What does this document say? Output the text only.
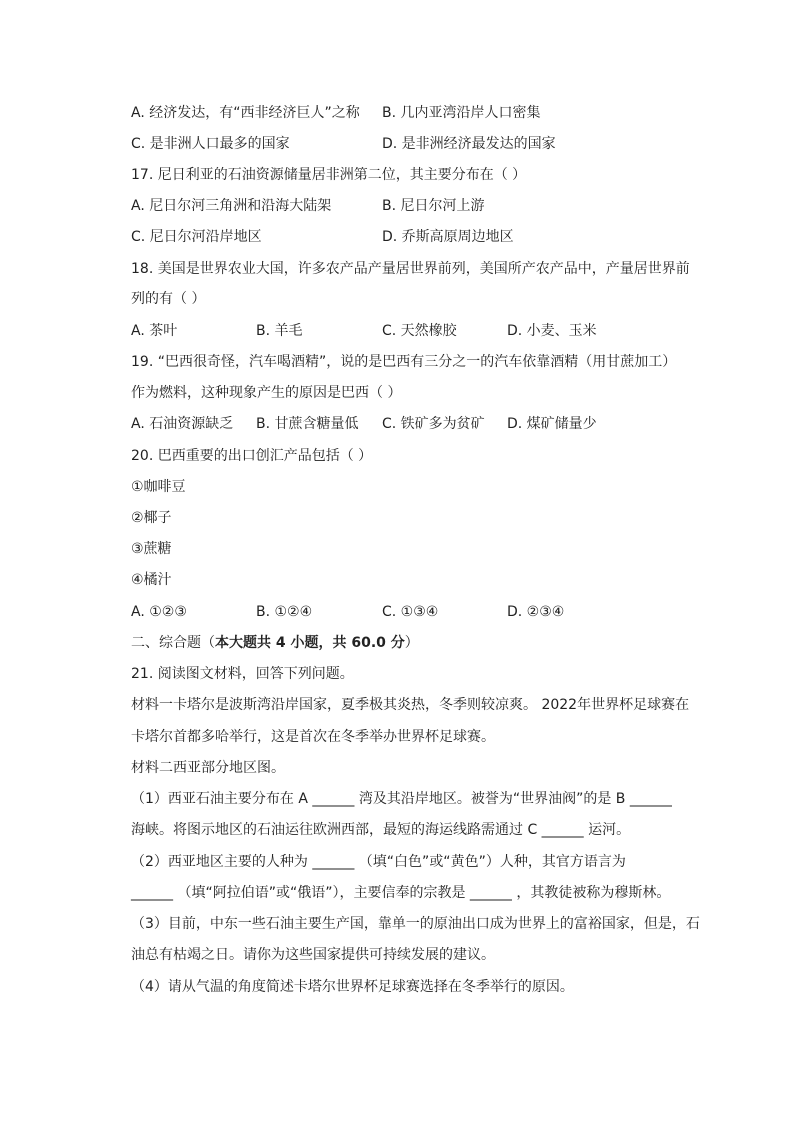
A. 经济发达，有“西非经济巨人”之称 B. 几内亚湾沿岸人口密集
C. 是非洲人口最多的国家	D. 是非洲经济最发达的国家
17. 尼日利亚的石油资源储量居非洲第二位，其主要分布在（ ）
A. 尼日尔河三角洲和沿海大陆架	B. 尼日尔河上游
C. 尼日尔河沿岸地区	D. 乔斯高原周边地区
18. 美国是世界农业大国，许多农产品产量居世界前列，美国所产农产品中，产量居世界前
列的有（ ）
A. 茶叶	B. 羊毛	C. 天然橡胶	D. 小麦、玉米
19. “巴西很奇怪，汽车喝酒精”，说的是巴西有三分之一的汽车依靠酒精（用甘蔗加工）
作为燃料，这种现象产生的原因是巴西（ ）
A. 石油资源缺乏 B. 甘蔗含糖量低 C. 铁矿多为贫矿 D. 煤矿储量少
20. 巴西重要的出口创汇产品包括（ ）
①咖啡豆
②椰子
③蔗糖
④橘汁
A. ①②③	B. ①②④	C. ①③④	D. ②③④
二、综合题（本大题共 4 小题，共 60.0 分）
21. 阅读图文材料，回答下列问题。
材料一卡塔尔是波斯湾沿岸国家，夏季极其炎热，冬季则较凉爽。 2022年世界杯足球赛在
卡塔尔首都多哈举行，这是首次在冬季举办世界杯足球赛。
材料二西亚部分地区图。
（1）西亚石油主要分布在 A ______ 湾及其沿岸地区。被誉为“世界油阀”的是 B ______
海峡。将图示地区的石油运往欧洲西部，最短的海运线路需通过 C ______ 运河。
（2）西亚地区主要的人种为 ______ （填“白色”或“黄色”）人种，其官方语言为
______ （填“阿拉伯语”或“俄语”），主要信奉的宗教是 ______ ，其教徒被称为穆斯林。
（3）目前，中东一些石油主要生产国，靠单一的原油出口成为世界上的富裕国家，但是，石
油总有枯竭之日。请你为这些国家提供可持续发展的建议。
（4）请从气温的角度简述卡塔尔世界杯足球赛选择在冬季举行的原因。
